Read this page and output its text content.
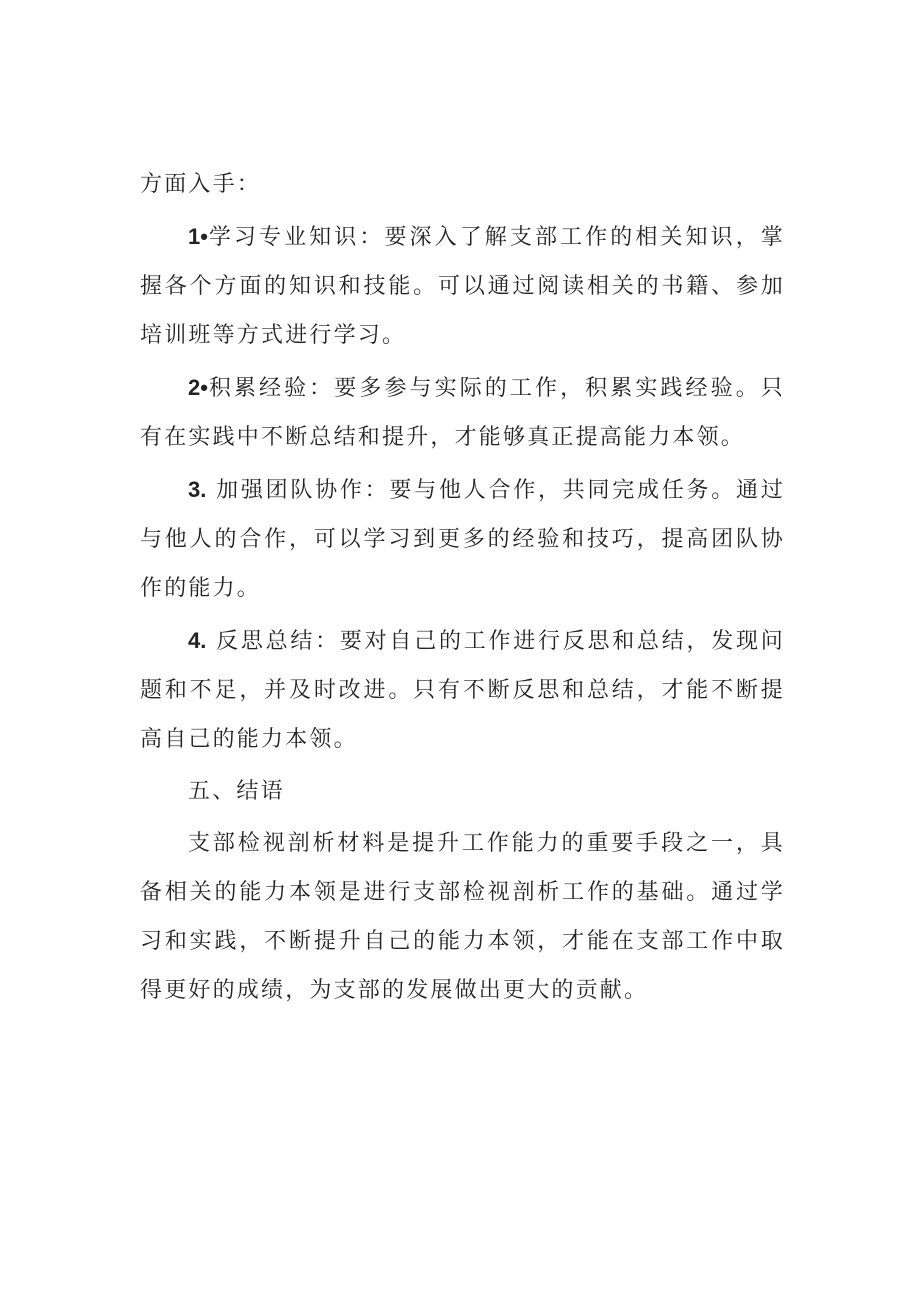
方面入手：

1•学习专业知识：要深入了解支部工作的相关知识，掌握各个方面的知识和技能。可以通过阅读相关的书籍、参加培训班等方式进行学习。

2•积累经验：要多参与实际的工作，积累实践经验。只有在实践中不断总结和提升，才能够真正提高能力本领。

3. 加强团队协作：要与他人合作，共同完成任务。通过与他人的合作，可以学习到更多的经验和技巧，提高团队协作的能力。

4. 反思总结：要对自己的工作进行反思和总结，发现问题和不足，并及时改进。只有不断反思和总结，才能不断提高自己的能力本领。

五、结语

支部检视剖析材料是提升工作能力的重要手段之一，具备相关的能力本领是进行支部检视剖析工作的基础。通过学习和实践，不断提升自己的能力本领，才能在支部工作中取得更好的成绩，为支部的发展做出更大的贡献。
